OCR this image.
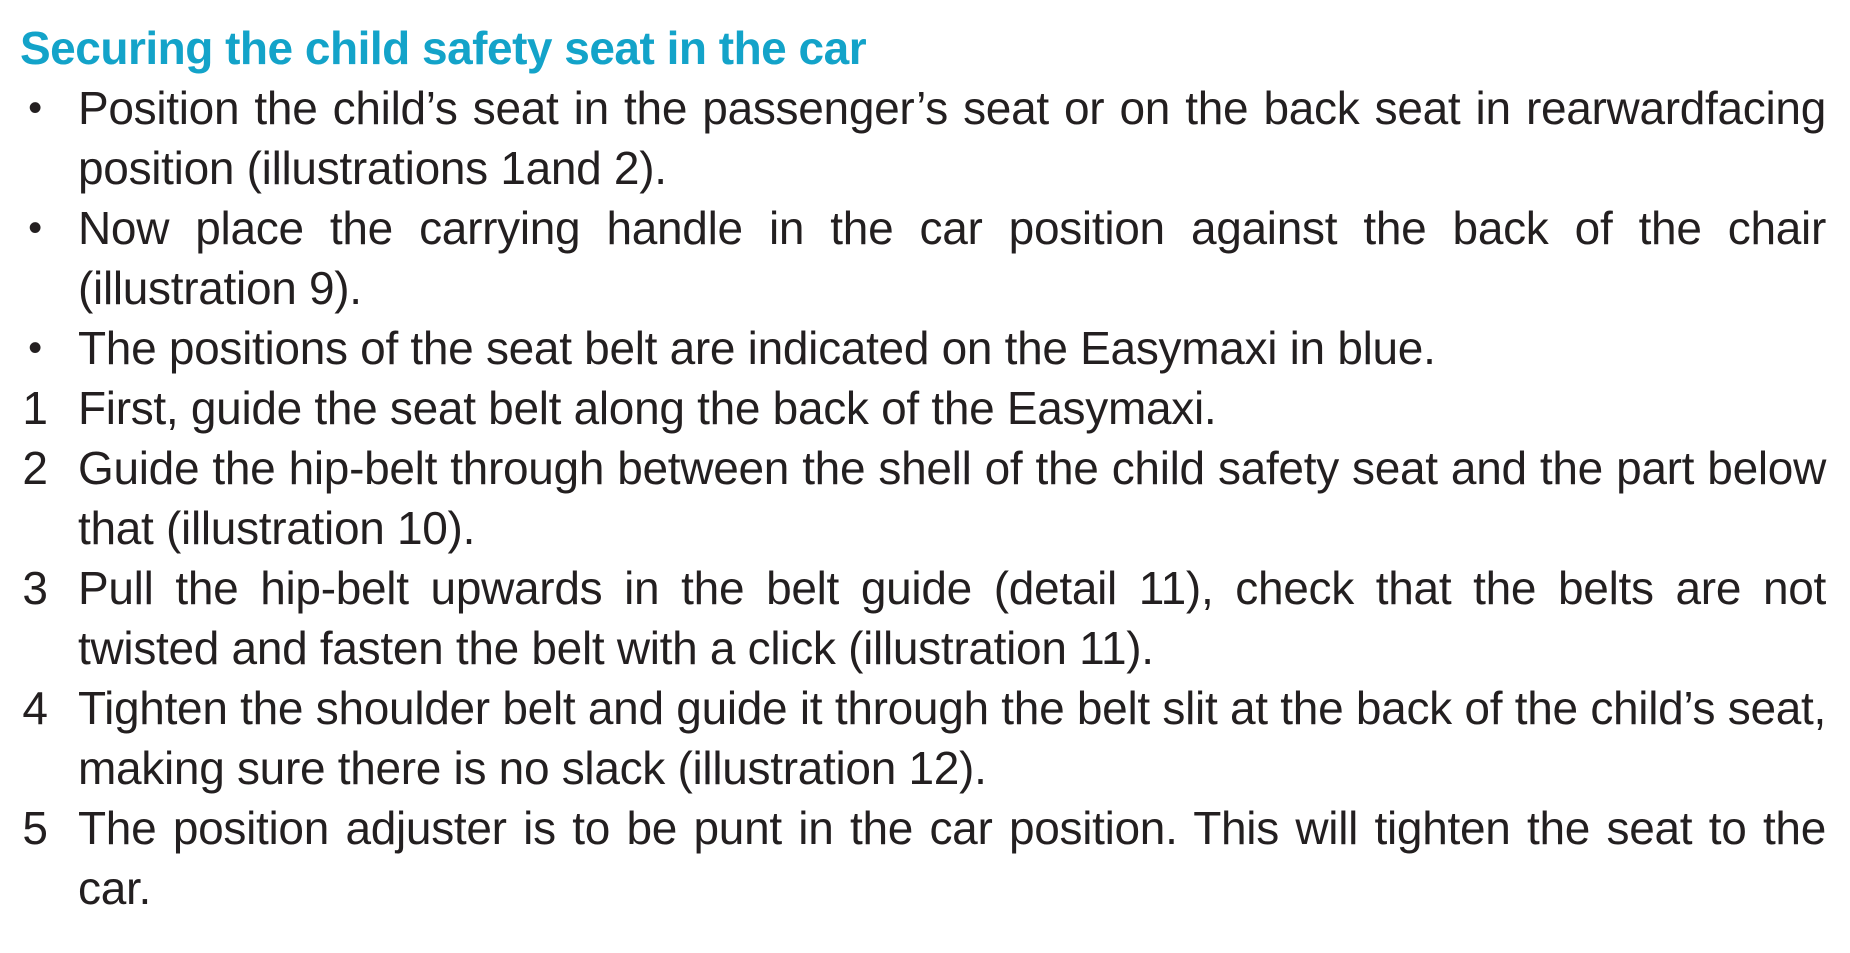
Securing the child safety seat in the car
• Position the child’s seat in the passenger’s seat or on the back seat in rearwardfacing position (illustrations 1and 2).
• Now place the carrying handle in the car position against the back of the chair (illustration 9).
• The positions of the seat belt are indicated on the Easymaxi in blue.
1 First, guide the seat belt along the back of the Easymaxi.
2 Guide the hip-belt through between the shell of the child safety seat and the part below that (illustration 10).
3 Pull the hip-belt upwards in the belt guide (detail 11), check that the belts are not twisted and fasten the belt with a click (illustration 11).
4 Tighten the shoulder belt and guide it through the belt slit at the back of the child’s seat, making sure there is no slack (illustration 12).
5 The position adjuster is to be punt in the car position. This will tighten the seat to the car.
